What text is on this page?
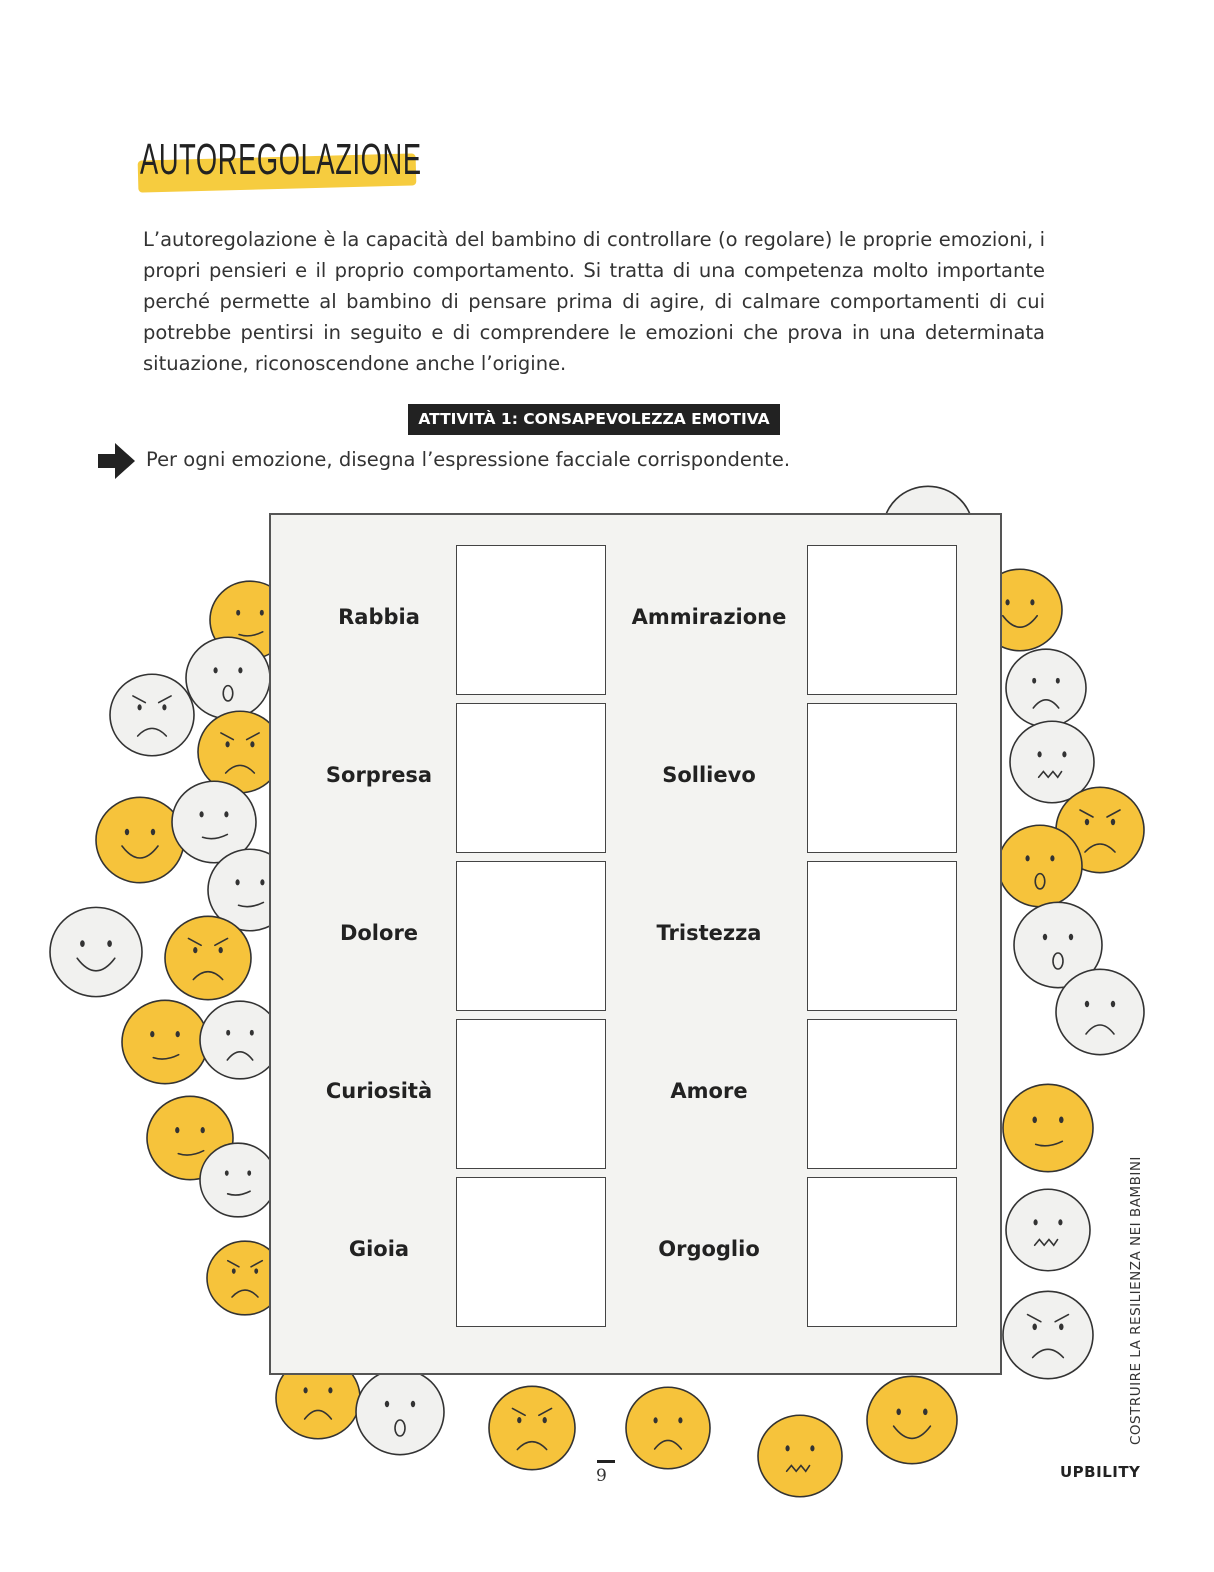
AUTOREGOLAZIONE

L’autoregolazione è la capacità del bambino di controllare (o regolare) le proprie emozioni, i propri pensieri e il proprio comportamento. Si tratta di una competenza molto importante perché permette al bambino di pensare prima di agire, di calmare comportamenti di cui potrebbe pentirsi in seguito e di comprendere le emozioni che prova in una determinata situazione, riconoscendone anche l’origine.

ATTIVITÀ 1: CONSAPEVOLEZZA EMOTIVA
Per ogni emozione, disegna l’espressione facciale corrispondente.
Rabbia
Sorpresa
Dolore
Curiosità
Gioia
Ammirazione
Sollievo
Tristezza
Amore
Orgoglio
9
COSTRUIRE LA RESILIENZA NEI BAMBINI
UPBILITY
